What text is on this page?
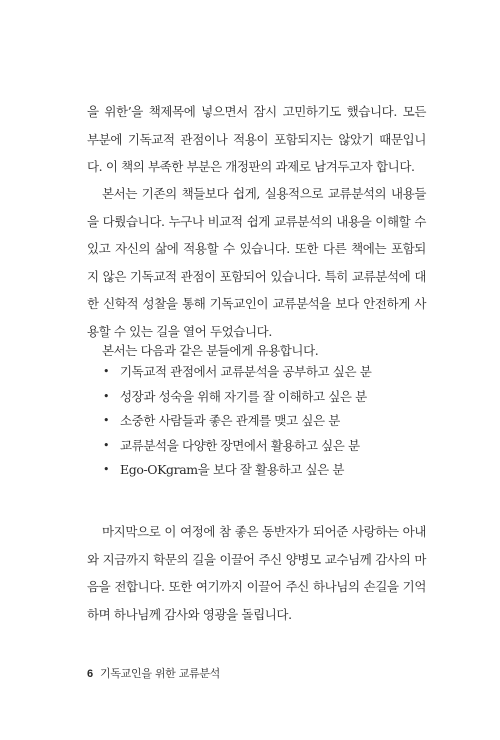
을 위한’을 책제목에 넣으면서 잠시 고민하기도 했습니다. 모든 부분에 기독교적 관점이나 적용이 포함되지는 않았기 때문입니다. 이 책의 부족한 부분은 개정판의 과제로 남겨두고자 합니다.

본서는 기존의 책들보다 쉽게, 실용적으로 교류분석의 내용들을 다뤘습니다. 누구나 비교적 쉽게 교류분석의 내용을 이해할 수 있고 자신의 삶에 적용할 수 있습니다. 또한 다른 책에는 포함되지 않은 기독교적 관점이 포함되어 있습니다. 특히 교류분석에 대한 신학적 성찰을 통해 기독교인이 교류분석을 보다 안전하게 사용할 수 있는 길을 열어 두었습니다.

본서는 다음과 같은 분들에게 유용합니다.

• 기독교적 관점에서 교류분석을 공부하고 싶은 분
• 성장과 성숙을 위해 자기를 잘 이해하고 싶은 분
• 소중한 사람들과 좋은 관계를 맺고 싶은 분
• 교류분석을 다양한 장면에서 활용하고 싶은 분
• Ego-OKgram을 보다 잘 활용하고 싶은 분

마지막으로 이 여정에 참 좋은 동반자가 되어준 사랑하는 아내와 지금까지 학문의 길을 이끌어 주신 양병모 교수님께 감사의 마음을 전합니다. 또한 여기까지 이끌어 주신 하나님의 손길을 기억하며 하나님께 감사와 영광을 돌립니다.

6 기독교인을 위한 교류분석
